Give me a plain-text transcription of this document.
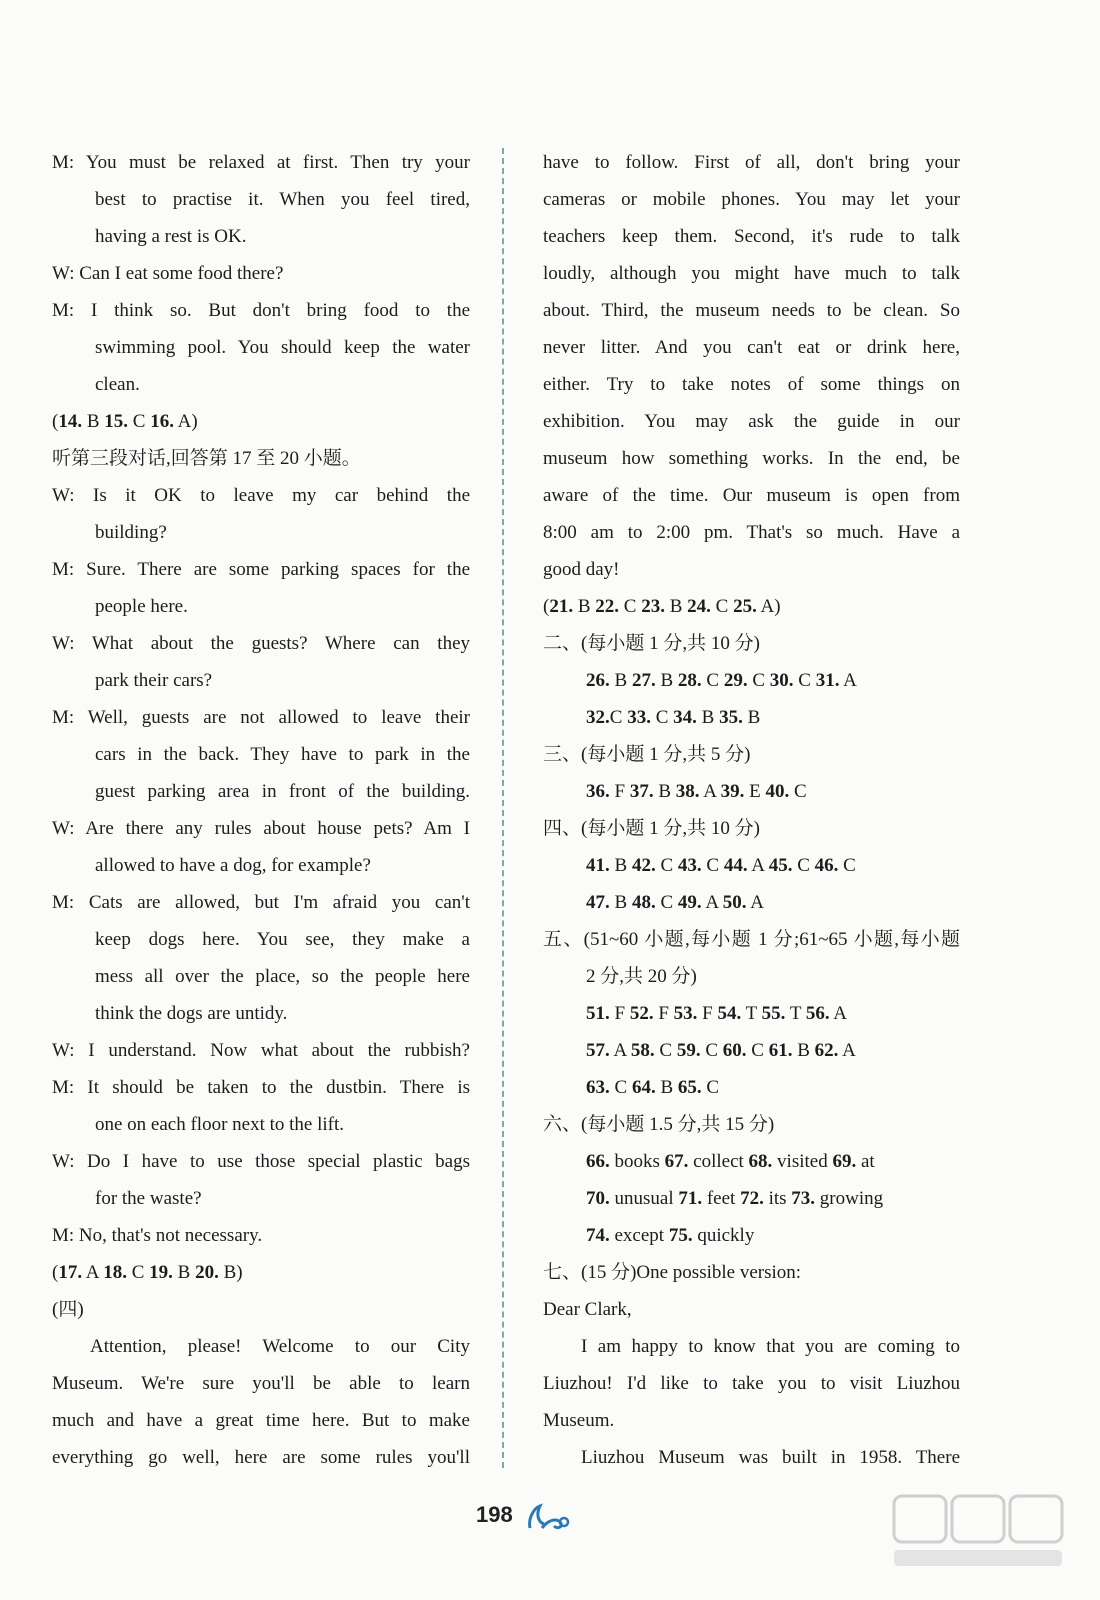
M: You must be relaxed at first. Then try your
best to practise it. When you feel tired,
having a rest is OK.
W: Can I eat some food there?
M: I think so. But don't bring food to the
swimming pool. You should keep the water
clean.
(14. B 15. C 16. A)
听第三段对话,回答第 17 至 20 小题。
W: Is it OK to leave my car behind the
building?
M: Sure. There are some parking spaces for the
people here.
W: What about the guests? Where can they
park their cars?
M: Well, guests are not allowed to leave their
cars in the back. They have to park in the
guest parking area in front of the building.
W: Are there any rules about house pets? Am I
allowed to have a dog, for example?
M: Cats are allowed, but I'm afraid you can't
keep dogs here. You see, they make a
mess all over the place, so the people here
think the dogs are untidy.
W: I understand. Now what about the rubbish?
M: It should be taken to the dustbin. There is
one on each floor next to the lift.
W: Do I have to use those special plastic bags
for the waste?
M: No, that's not necessary.
(17. A 18. C 19. B 20. B)
(四)
Attention, please! Welcome to our City
Museum. We're sure you'll be able to learn
much and have a great time here. But to make
everything go well, here are some rules you'll
have to follow. First of all, don't bring your
cameras or mobile phones. You may let your
teachers keep them. Second, it's rude to talk
loudly, although you might have much to talk
about. Third, the museum needs to be clean. So
never litter. And you can't eat or drink here,
either. Try to take notes of some things on
exhibition. You may ask the guide in our
museum how something works. In the end, be
aware of the time. Our museum is open from
8:00 am to 2:00 pm. That's so much. Have a
good day!
(21. B 22. C 23. B 24. C 25. A)
二、(每小题 1 分,共 10 分)
26. B 27. B 28. C 29. C 30. C 31. A
32.C 33. C 34. B 35. B
三、(每小题 1 分,共 5 分)
36. F 37. B 38. A 39. E 40. C
四、(每小题 1 分,共 10 分)
41. B 42. C 43. C 44. A 45. C 46. C
47. B 48. C 49. A 50. A
五、(51~60 小题,每小题 1 分;61~65 小题,每小题
2 分,共 20 分)
51. F 52. F 53. F 54. T 55. T 56. A
57. A 58. C 59. C 60. C 61. B 62. A
63. C 64. B 65. C
六、(每小题 1.5 分,共 15 分)
66. books 67. collect 68. visited 69. at
70. unusual 71. feet 72. its 73. growing
74. except 75. quickly
七、(15 分)One possible version:
Dear Clark,
I am happy to know that you are coming to
Liuzhou! I'd like to take you to visit Liuzhou
Museum.
Liuzhou Museum was built in 1958. There
198
